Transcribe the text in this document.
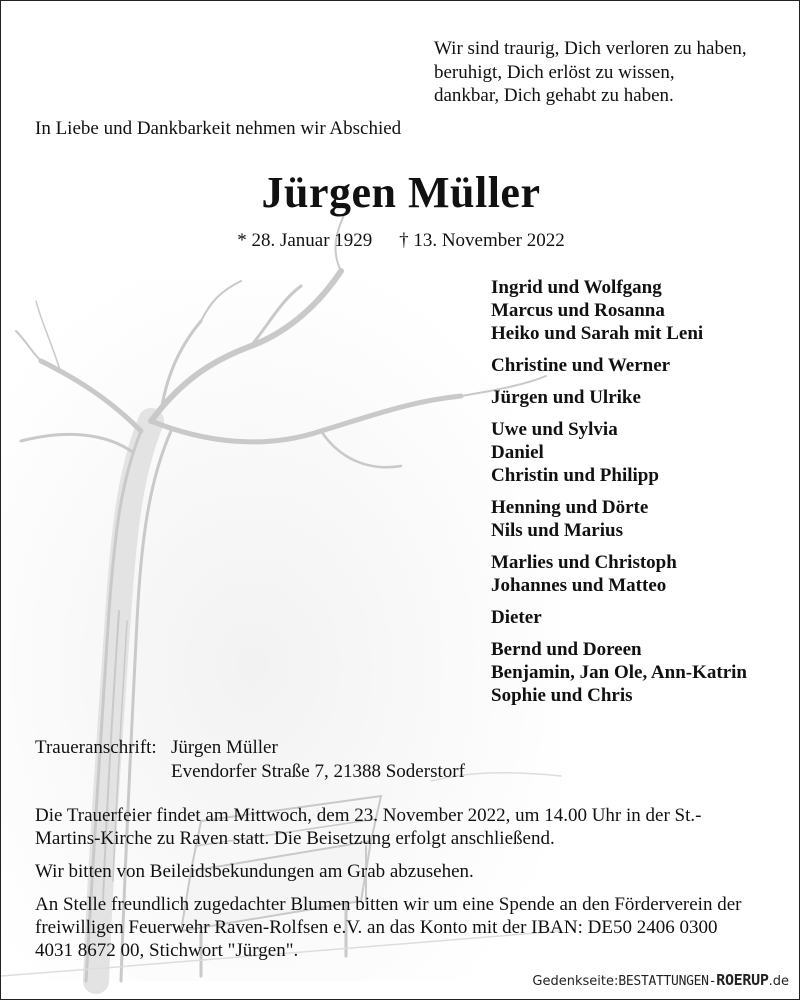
Wir sind traurig, Dich verloren zu haben,
beruhigt, Dich erlöst zu wissen,
dankbar, Dich gehabt zu haben.

In Liebe und Dankbarkeit nehmen wir Abschied

Jürgen Müller
* 28. Januar 1929 † 13. November 2022
Ingrid und Wolfgang
Marcus und Rosanna
Heiko und Sarah mit Leni
Christine und Werner
Jürgen und Ulrike
Uwe und Sylvia
Daniel
Christin und Philipp
Henning und Dörte
Nils und Marius
Marlies und Christoph
Johannes und Matteo
Dieter
Bernd und Doreen
Benjamin, Jan Ole, Ann-Katrin
Sophie und Chris
Traueranschrift: Jürgen Müller
Evendorfer Straße 7, 21388 Soderstorf

Die Trauerfeier findet am Mittwoch, dem 23. November 2022, um 14.00 Uhr in der St.-Martins-Kirche zu Raven statt. Die Beisetzung erfolgt anschließend.

Wir bitten von Beileidsbekundungen am Grab abzusehen.

An Stelle freundlich zugedachter Blumen bitten wir um eine Spende an den Förderverein der freiwilligen Feuerwehr Raven-Rolfsen e.V. an das Konto mit der IBAN: DE50 2406 0300 4031 8672 00, Stichwort "Jürgen".

Gedenkseite:BESTATTUNGEN-ROERUP.de
